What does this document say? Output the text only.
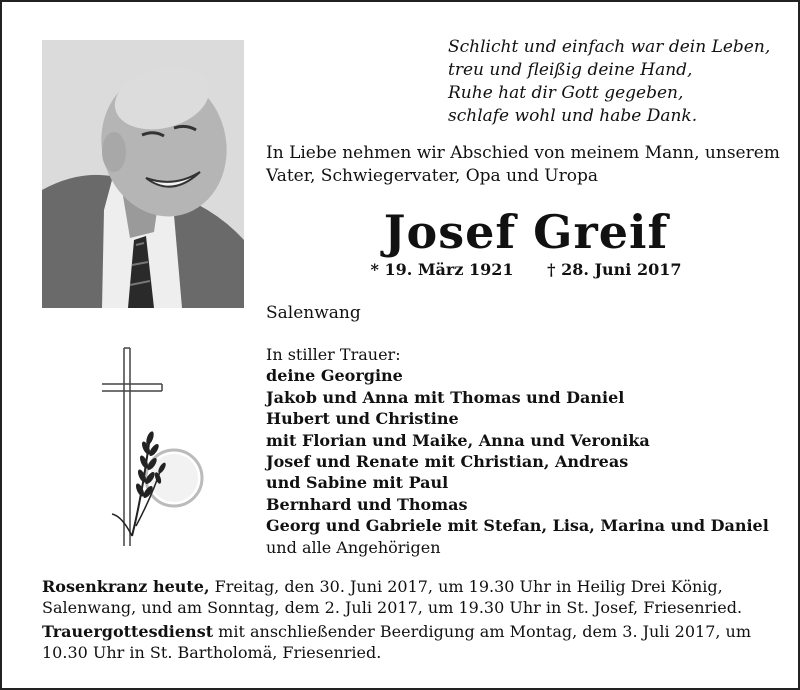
Schlicht und einfach war dein Leben,
treu und fleißig deine Hand,
Ruhe hat dir Gott gegeben,
schlafe wohl und habe Dank.
In Liebe nehmen wir Abschied von meinem Mann, unserem
Vater, Schwiegervater, Opa und Uropa
Josef Greif
* 19. März 1921 † 28. Juni 2017
Salenwang
In stiller Trauer:
deine Georgine
Jakob und Anna mit Thomas und Daniel
Hubert und Christine
mit Florian und Maike, Anna und Veronika
Josef und Renate mit Christian, Andreas
und Sabine mit Paul
Bernhard und Thomas
Georg und Gabriele mit Stefan, Lisa, Marina und Daniel
und alle Angehörigen

Rosenkranz heute, Freitag, den 30. Juni 2017, um 19.30 Uhr in Heilig Drei König, Salenwang, und am Sonntag, dem 2. Juli 2017, um 19.30 Uhr in St. Josef, Friesenried.

Trauergottesdienst mit anschließender Beerdigung am Montag, dem 3. Juli 2017, um 10.30 Uhr in St. Bartholomä, Friesenried.
